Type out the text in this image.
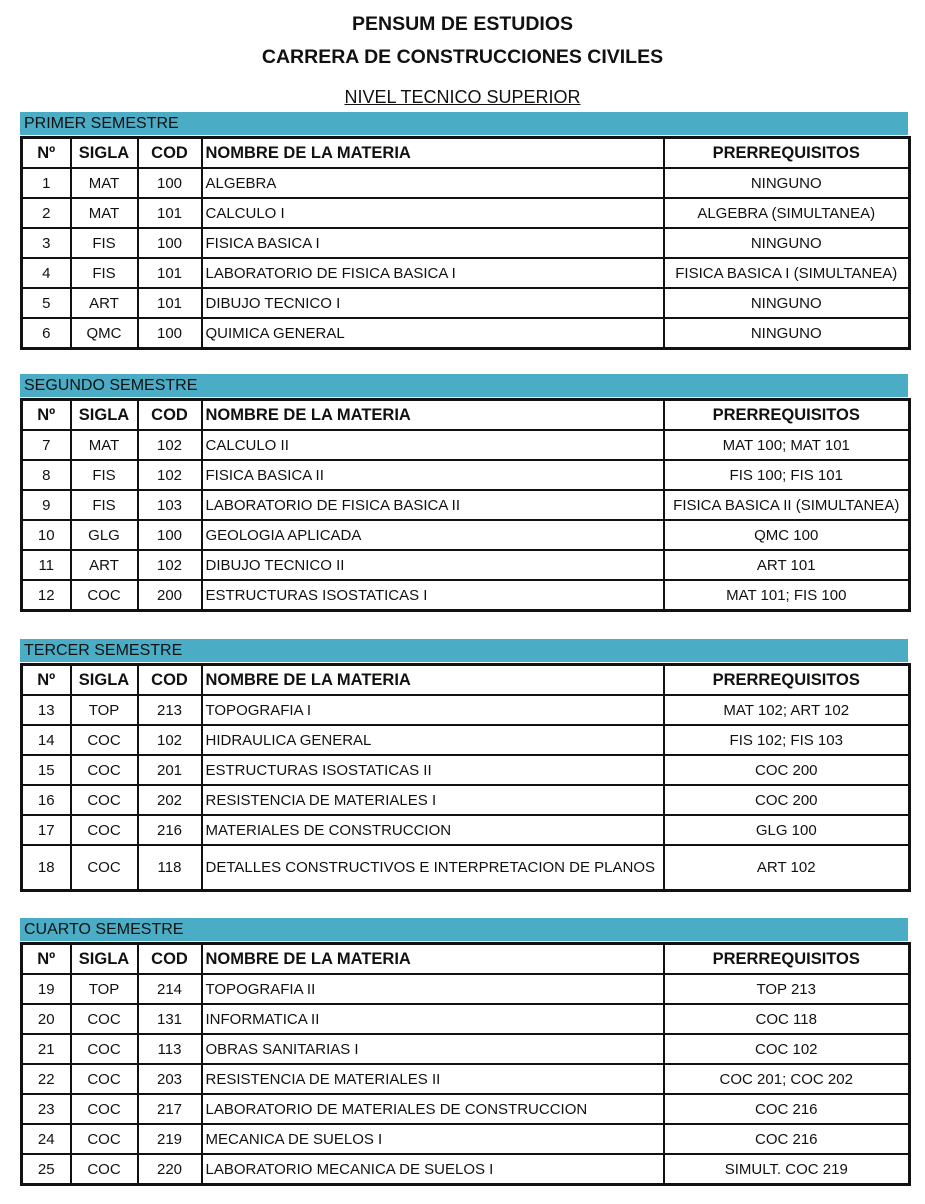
PENSUM DE ESTUDIOS
CARRERA DE CONSTRUCCIONES CIVILES
NIVEL TECNICO SUPERIOR
PRIMER SEMESTRE
Nº	SIGLA	COD	NOMBRE DE LA MATERIA	PRERREQUISITOS
1	MAT	100	ALGEBRA	NINGUNO
2	MAT	101	CALCULO I	ALGEBRA (SIMULTANEA)
3	FIS	100	FISICA BASICA I	NINGUNO
4	FIS	101	LABORATORIO DE FISICA BASICA I	FISICA BASICA I (SIMULTANEA)
5	ART	101	DIBUJO TECNICO I	NINGUNO
6	QMC	100	QUIMICA GENERAL	NINGUNO
SEGUNDO SEMESTRE
Nº	SIGLA	COD	NOMBRE DE LA MATERIA	PRERREQUISITOS
7	MAT	102	CALCULO II	MAT 100; MAT 101
8	FIS	102	FISICA BASICA II	FIS 100; FIS 101
9	FIS	103	LABORATORIO DE FISICA BASICA II	FISICA BASICA II (SIMULTANEA)
10	GLG	100	GEOLOGIA APLICADA	QMC 100
11	ART	102	DIBUJO TECNICO II	ART 101
12	COC	200	ESTRUCTURAS ISOSTATICAS I	MAT 101; FIS 100
TERCER SEMESTRE
Nº	SIGLA	COD	NOMBRE DE LA MATERIA	PRERREQUISITOS
13	TOP	213	TOPOGRAFIA I	MAT 102; ART 102
14	COC	102	HIDRAULICA GENERAL	FIS 102; FIS 103
15	COC	201	ESTRUCTURAS ISOSTATICAS II	COC 200
16	COC	202	RESISTENCIA DE MATERIALES I	COC 200
17	COC	216	MATERIALES DE CONSTRUCCION	GLG 100
18	COC	118	DETALLES CONSTRUCTIVOS E INTERPRETACION DE PLANOS	ART 102
CUARTO SEMESTRE
Nº	SIGLA	COD	NOMBRE DE LA MATERIA	PRERREQUISITOS
19	TOP	214	TOPOGRAFIA II	TOP 213
20	COC	131	INFORMATICA II	COC 118
21	COC	113	OBRAS SANITARIAS I	COC 102
22	COC	203	RESISTENCIA DE MATERIALES II	COC 201; COC 202
23	COC	217	LABORATORIO DE MATERIALES DE CONSTRUCCION	COC 216
24	COC	219	MECANICA DE SUELOS I	COC 216
25	COC	220	LABORATORIO MECANICA DE SUELOS I	SIMULT. COC 219
